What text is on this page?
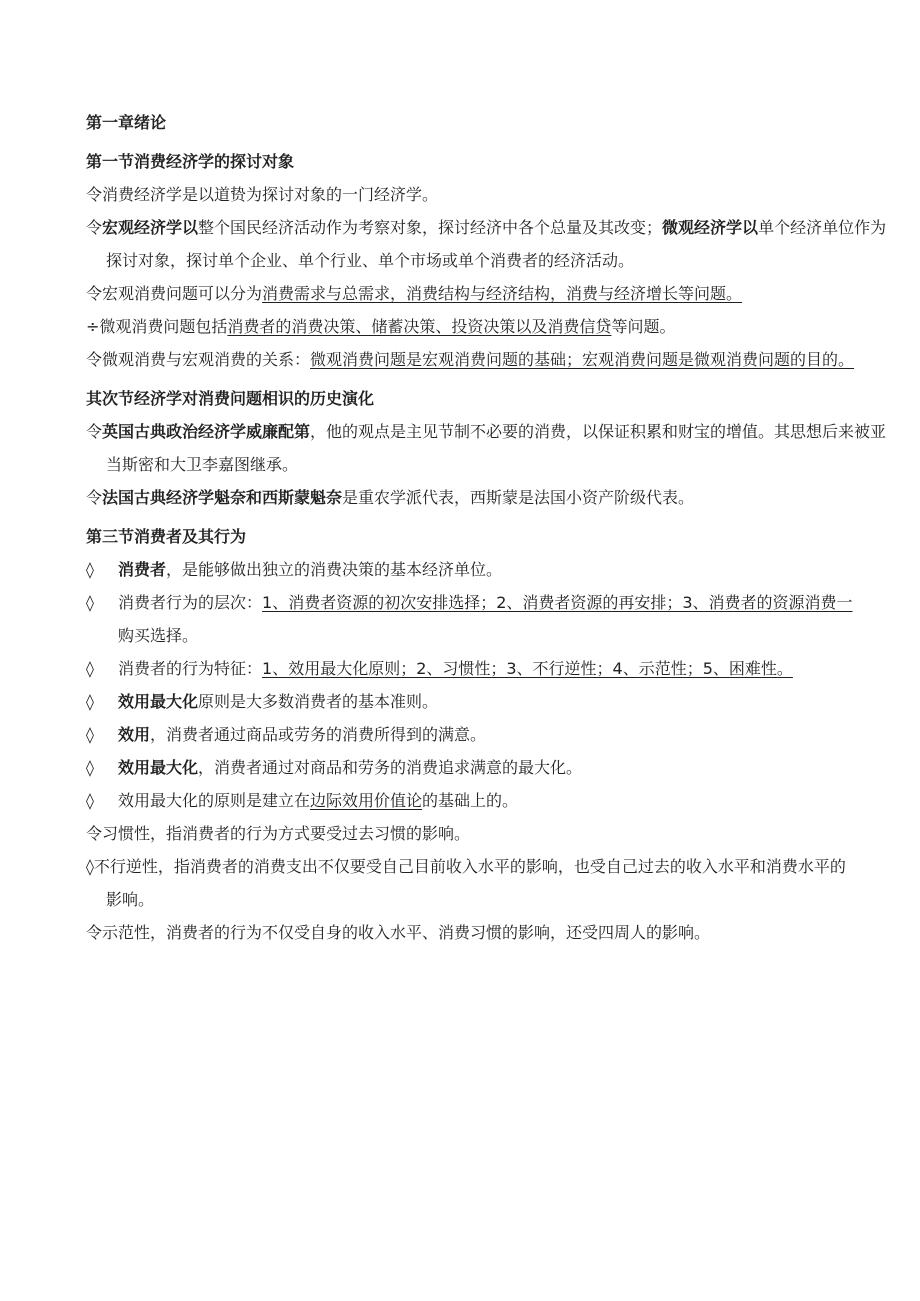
第一章绪论
第一节消费经济学的探讨对象
令消费经济学是以道贽为探讨对象的一门经济学。
令宏观经济学以整个国民经济活动作为考察对象，探讨经济中各个总量及其改变；微观经济学以单个经济单位作为
探讨对象，探讨单个企业、单个行业、单个市场或单个消费者的经济活动。
令宏观消费问题可以分为消费需求与总需求，消费结构与经济结构，消费与经济增长等问题。
÷微观消费问题包括消费者的消费决策、储蓄决策、投资决策以及消费信贷等问题。
令微观消费与宏观消费的关系：微观消费问题是宏观消费问题的基础；宏观消费问题是微观消费问题的目的。
其次节经济学对消费问题相识的历史演化
令英国古典政治经济学威廉配第，他的观点是主见节制不必要的消费，以保证积累和财宝的增值。其思想后来被亚
当斯密和大卫李嘉图继承。
令法国古典经济学魁奈和西斯蒙魁奈是重农学派代表，西斯蒙是法国小资产阶级代表。
第三节消费者及其行为
◊	消费者，是能够做出独立的消费决策的基本经济单位。
◊	消费者行为的层次：1、消费者资源的初次安排选择；2、消费者资源的再安排；3、消费者的资源消费一
购买选择。
◊	消费者的行为特征：1、效用最大化原则；2、习惯性；3、不行逆性；4、示范性；5、困难性。
◊	效用最大化原则是大多数消费者的基本准则。
◊	效用，消费者通过商品或劳务的消费所得到的满意。
◊	效用最大化，消费者通过对商品和劳务的消费追求满意的最大化。
◊	效用最大化的原则是建立在边际效用价值论的基础上的。
令习惯性，指消费者的行为方式要受过去习惯的影响。
◊不行逆性，指消费者的消费支出不仅要受自己目前收入水平的影响，也受自己过去的收入水平和消费水平的
影响。
令示范性，消费者的行为不仅受自身的收入水平、消费习惯的影响，还受四周人的影响。
